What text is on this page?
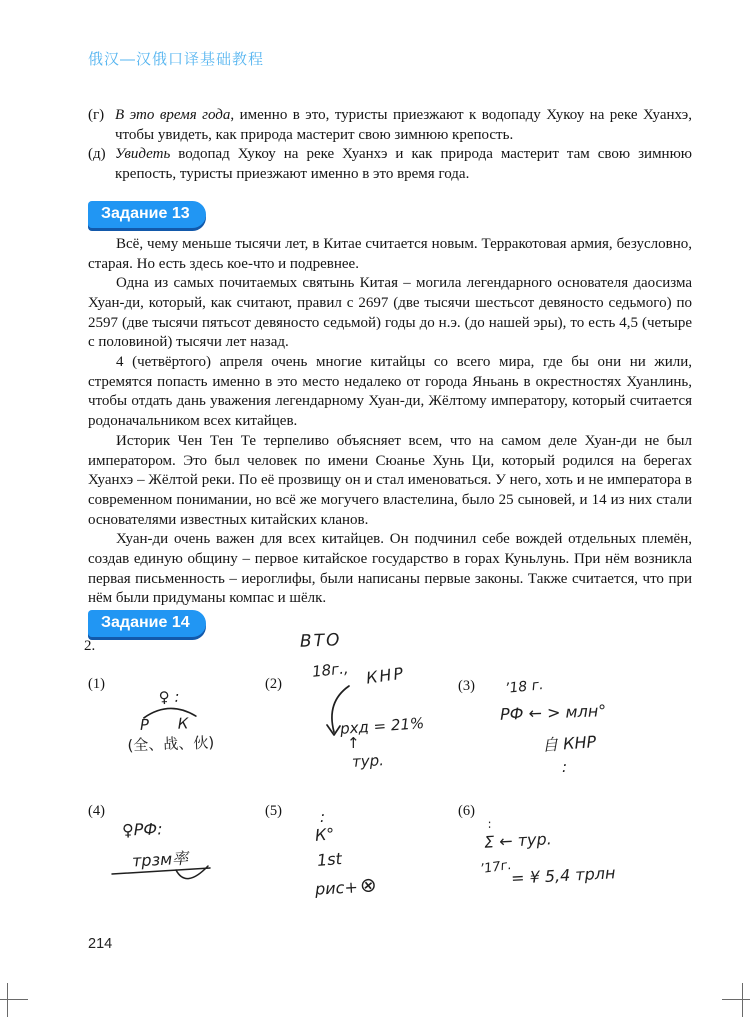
俄汉—汉俄口译基础教程
(г) В это время года, именно в это, туристы приезжают к водопаду Хукоу на реке Хуанхэ, чтобы увидеть, как природа мастерит свою зимнюю крепость.
(д) Увидеть водопад Хукоу на реке Хуанхэ и как природа мастерит там свою зимнюю крепость, туристы приезжают именно в это время года.
Задание 13

Всё, чему меньше тысячи лет, в Китае считается новым. Терракотовая армия, безусловно, старая. Но есть здесь кое-что и подревнее.

Одна из самых почитаемых святынь Китая – могила легендарного основателя даосизма Хуан-ди, который, как считают, правил с 2697 (две тысячи шестьсот девяносто седьмого) по 2597 (две тысячи пятьсот девяносто седьмой) годы до н.э. (до нашей эры), то есть 4,5 (четыре с половиной) тысячи лет назад.

4 (четвёртого) апреля очень многие китайцы со всего мира, где бы они ни жили, стремятся попасть именно в это место недалеко от города Яньань в окрестностях Хуанлинь, чтобы отдать дань уважения легендарному Хуан-ди, Жёлтому императору, который считается родоначальником всех китайцев.

Историк Чен Тен Те терпеливо объясняет всем, что на самом деле Хуан-ди не был императором. Это был человек по имени Сюанье Хунь Ци, который родился на берегах Хуанхэ – Жёлтой реки. По её прозвищу он и стал именоваться. У него, хоть и не императора в современном понимании, но всё же могучего властелина, было 25 сыновей, и 14 из них стали основателями известных китайских кланов.

Хуан-ди очень важен для всех китайцев. Он подчинил себе вождей отдельных племён, создав единую общину – первое китайское государство в горах Куньлунь. При нём возникла первая письменность – иероглифы, были написаны первые законы. Также считается, что при нём были придуманы компас и шёлк.

Задание 14
2.	ВТО
(1)	(2)	(3)
(4)	(5)	(6)
♀ :
Р К
(全、战、伙)
18г., КНР
рхд = 21%
↑
тур.
’18 г.
РФ ← > млн°
自 КНР
:
♀РФ:
трзм率
:
К°
1st
рис+⊗
∶
Σ ← тур.
’17г.
= ¥ 5,4 трлн
214
